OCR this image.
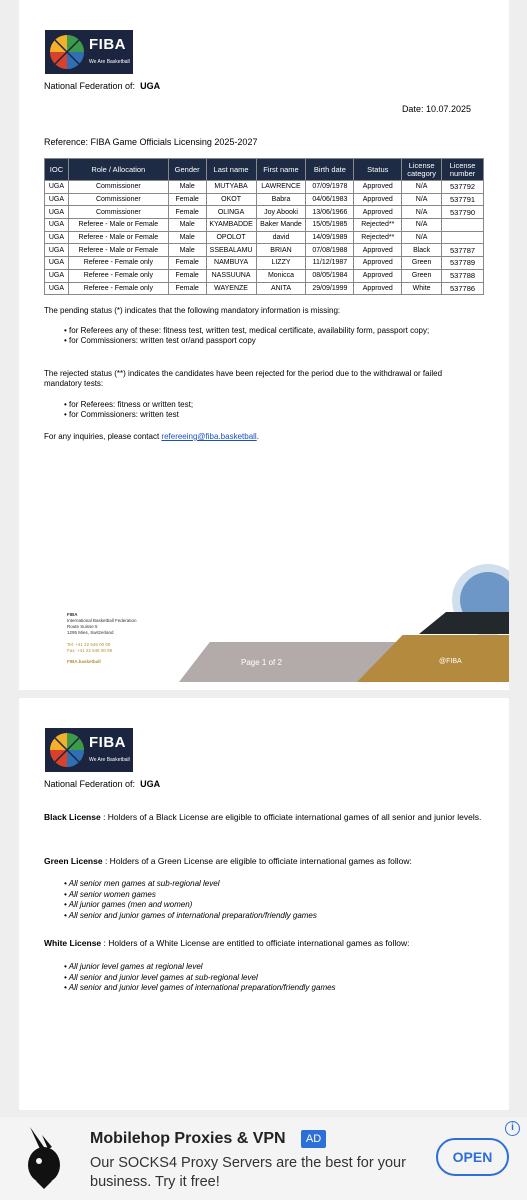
FIBA
We Are Basketball
National Federation of: UGA
Date: 10.07.2025
Reference: FIBA Game Officials Licensing 2025-2027
IOC	Role / Allocation	Gender	Last name	First name	Birth date	Status	License category	License number
UGA	Commissioner	Male	MUTYABA	LAWRENCE	07/09/1978	Approved	N/A	537792
UGA	Commissioner	Female	OKOT	Babra	04/06/1983	Approved	N/A	537791
UGA	Commissioner	Female	OLINGA	Joy Abooki	13/06/1966	Approved	N/A	537790
UGA	Referee - Male or Female	Male	KYAMBADDE	Baker Mande	15/05/1985	Rejected**	N/A	
UGA	Referee - Male or Female	Male	OPOLOT	david	14/09/1989	Rejected**	N/A	
UGA	Referee - Male or Female	Male	SSEBALAMU	BRIAN	07/08/1988	Approved	Black	537787
UGA	Referee - Female only	Female	NAMBUYA	LIZZY	11/12/1987	Approved	Green	537789
UGA	Referee - Female only	Female	NASSUUNA	Monicca	08/05/1984	Approved	Green	537788
UGA	Referee - Female only	Female	WAYENZE	ANITA	29/09/1999	Approved	White	537786
The pending status (*) indicates that the following mandatory information is missing:
• for Referees any of these: fitness test, written test, medical certificate, availability form, passport copy;
• for Commissioners: written test or/and passport copy
The rejected status (**) indicates the candidates have been rejected for the period due to the withdrawal or failed mandatory tests:
• for Referees: fitness or written test;
• for Commissioners: written test
For any inquiries, please contact refereeing@fiba.basketball.
FIBA
International Basketball Federation
Route Suisse 5
1295 Mies, Switzerland
Tel: +41 22 545 00 00
Fax: +41 22 545 00 99
FIBA.basketball	Page 1 of 2	@FIBA
FIBA
We Are Basketball
National Federation of: UGA
Black License : Holders of a Black License are eligible to officiate international games of all senior and junior levels.
Green License : Holders of a Green License are eligible to officiate international games as follow:
• All senior men games at sub-regional level
• All senior women games
• All junior games (men and women)
• All senior and junior games of international preparation/friendly games
White License : Holders of a White License are entitled to officiate international games as follow:
• All junior level games at regional level
• All senior and junior level games at sub-regional level
• All senior and junior level games of international preparation/friendly games
Mobilehop Proxies & VPN	AD
Our SOCKS4 Proxy Servers are the best for your business. Try it free!
OPEN
i
